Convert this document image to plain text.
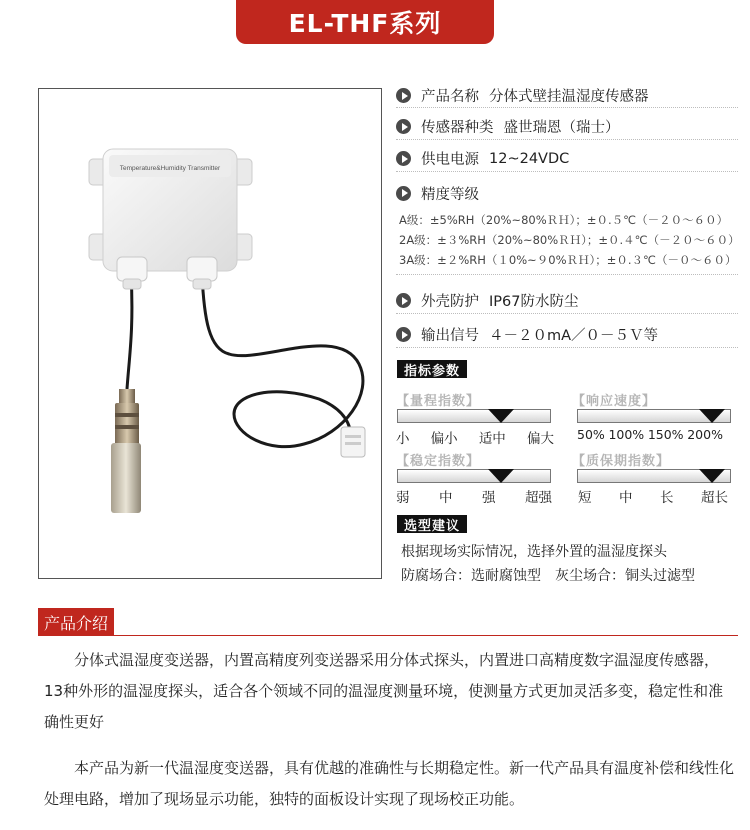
EL-THF系列
Temperature&Humidity Transmitter
产品名称 分体式壁挂温湿度传感器
传感器种类 盛世瑞恩（瑞士）
供电电源 12~24VDC
精度等级
A级：±5%RH（20%~80%ＲＨ）；±０.５℃（－２０～６０）
2A级：±３%RH（20%~80%ＲＨ）；±０.４℃（－２０～６０）
3A级：±２%RH（１0%~９0%ＲＨ）；±０.３℃（－０～６０）
外壳防护 IP67防水防尘
输出信号 ４－２０mA／０－５Ｖ等
指标参数
【量程指数】
小 偏小 适中 偏大
【响应速度】
50% 100% 150% 200%
【稳定指数】
弱 中 强 超强
【质保期指数】
短 中 长 超长
选型建议
根据现场实际情况，选择外置的温湿度探头
防腐场合：选耐腐蚀型　灰尘场合：铜头过滤型
产品介绍
　　分体式温湿度变送器，内置高精度列变送器采用分体式探头，内置进口高精度数字温湿度传感器，13种外形的温湿度探头，适合各个领域不同的温湿度测量环境，使测量方式更加灵活多变，稳定性和准确性更好
　　本产品为新一代温湿度变送器，具有优越的准确性与长期稳定性。新一代产品具有温度补偿和线性化处理电路，增加了现场显示功能，独特的面板设计实现了现场校正功能。
